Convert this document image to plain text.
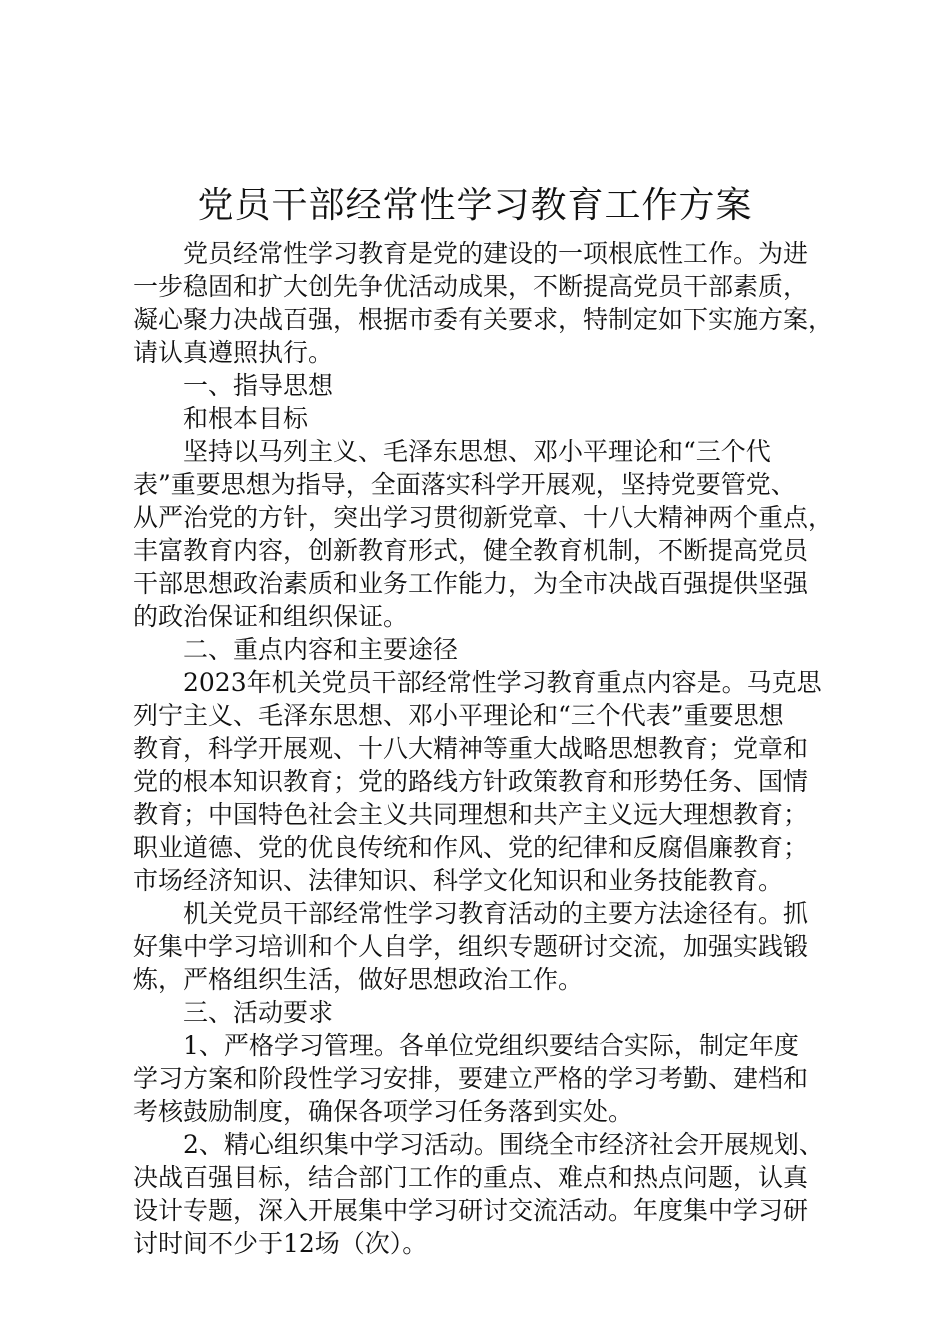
党员干部经常性学习教育工作方案
党员经常性学习教育是党的建设的一项根底性工作。为进
一步稳固和扩大创先争优活动成果，不断提高党员干部素质，
凝心聚力决战百强，根据市委有关要求，特制定如下实施方案，
请认真遵照执行。
一、指导思想
和根本目标
坚持以马列主义、毛泽东思想、邓小平理论和“三个代
表”重要思想为指导，全面落实科学开展观，坚持党要管党、
从严治党的方针，突出学习贯彻新党章、十八大精神两个重点，
丰富教育内容，创新教育形式，健全教育机制，不断提高党员
干部思想政治素质和业务工作能力，为全市决战百强提供坚强
的政治保证和组织保证。
二、重点内容和主要途径
2023年机关党员干部经常性学习教育重点内容是。马克思
列宁主义、毛泽东思想、邓小平理论和“三个代表”重要思想
教育，科学开展观、十八大精神等重大战略思想教育；党章和
党的根本知识教育；党的路线方针政策教育和形势任务、国情
教育；中国特色社会主义共同理想和共产主义远大理想教育；
职业道德、党的优良传统和作风、党的纪律和反腐倡廉教育；
市场经济知识、法律知识、科学文化知识和业务技能教育。
机关党员干部经常性学习教育活动的主要方法途径有。抓
好集中学习培训和个人自学，组织专题研讨交流，加强实践锻
炼，严格组织生活，做好思想政治工作。
三、活动要求
1、严格学习管理。各单位党组织要结合实际，制定年度
学习方案和阶段性学习安排，要建立严格的学习考勤、建档和
考核鼓励制度，确保各项学习任务落到实处。
2、精心组织集中学习活动。围绕全市经济社会开展规划、
决战百强目标，结合部门工作的重点、难点和热点问题，认真
设计专题，深入开展集中学习研讨交流活动。年度集中学习研
讨时间不少于12场（次）。
